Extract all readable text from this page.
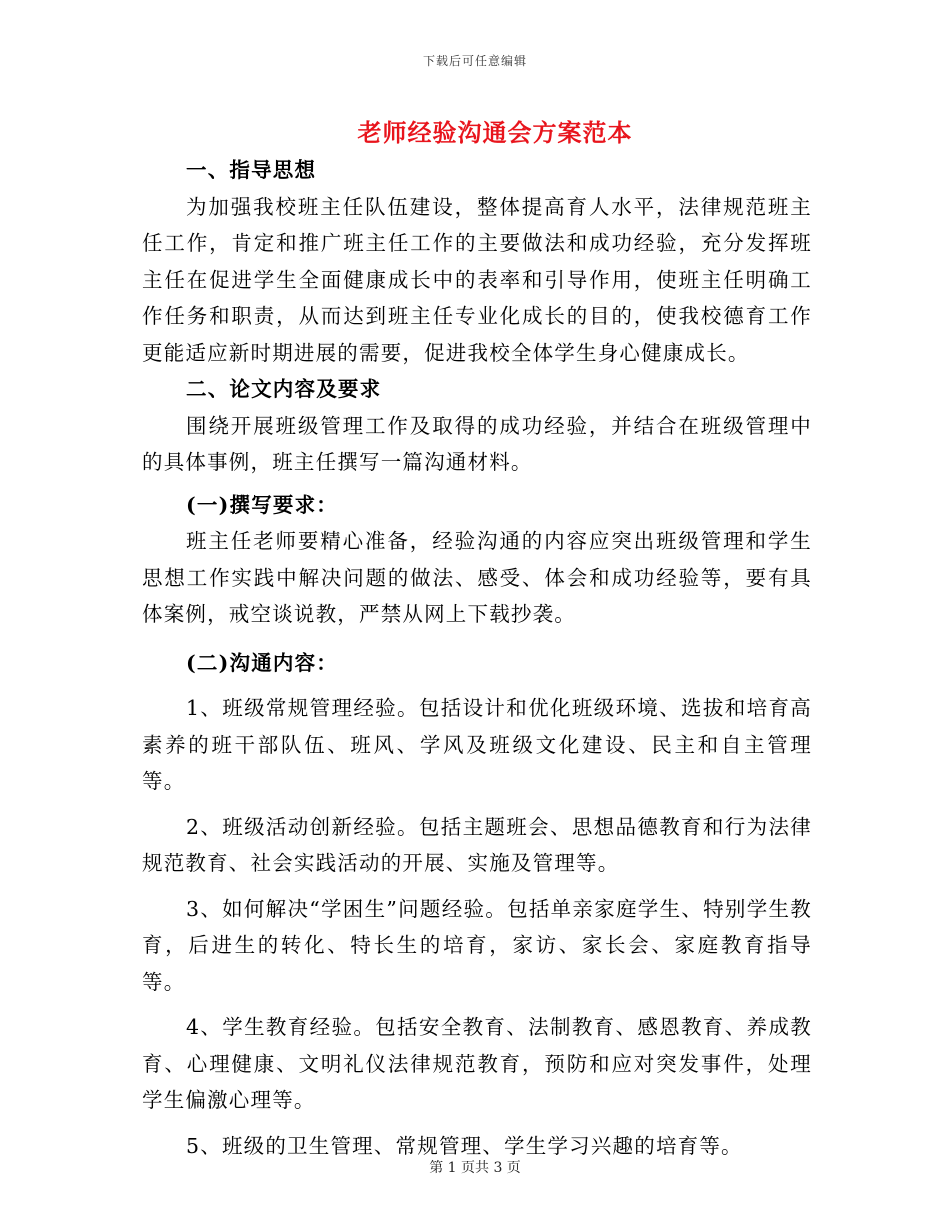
下载后可任意编辑
老师经验沟通会方案范本
一、指导思想
为加强我校班主任队伍建设，整体提高育人水平，法律规范班主任工作，肯定和推广班主任工作的主要做法和成功经验，充分发挥班主任在促进学生全面健康成长中的表率和引导作用，使班主任明确工作任务和职责，从而达到班主任专业化成长的目的，使我校德育工作更能适应新时期进展的需要，促进我校全体学生身心健康成长。
二、论文内容及要求
围绕开展班级管理工作及取得的成功经验，并结合在班级管理中的具体事例，班主任撰写一篇沟通材料。
(一)撰写要求：
班主任老师要精心准备，经验沟通的内容应突出班级管理和学生思想工作实践中解决问题的做法、感受、体会和成功经验等，要有具体案例，戒空谈说教，严禁从网上下载抄袭。
(二)沟通内容：
1、班级常规管理经验。包括设计和优化班级环境、选拔和培育高素养的班干部队伍、班风、学风及班级文化建设、民主和自主管理等。
2、班级活动创新经验。包括主题班会、思想品德教育和行为法律规范教育、社会实践活动的开展、实施及管理等。
3、如何解决“学困生”问题经验。包括单亲家庭学生、特别学生教育，后进生的转化、特长生的培育，家访、家长会、家庭教育指导等。
4、学生教育经验。包括安全教育、法制教育、感恩教育、养成教育、心理健康、文明礼仪法律规范教育，预防和应对突发事件，处理学生偏激心理等。
5、班级的卫生管理、常规管理、学生学习兴趣的培育等。
第 1 页共 3 页
